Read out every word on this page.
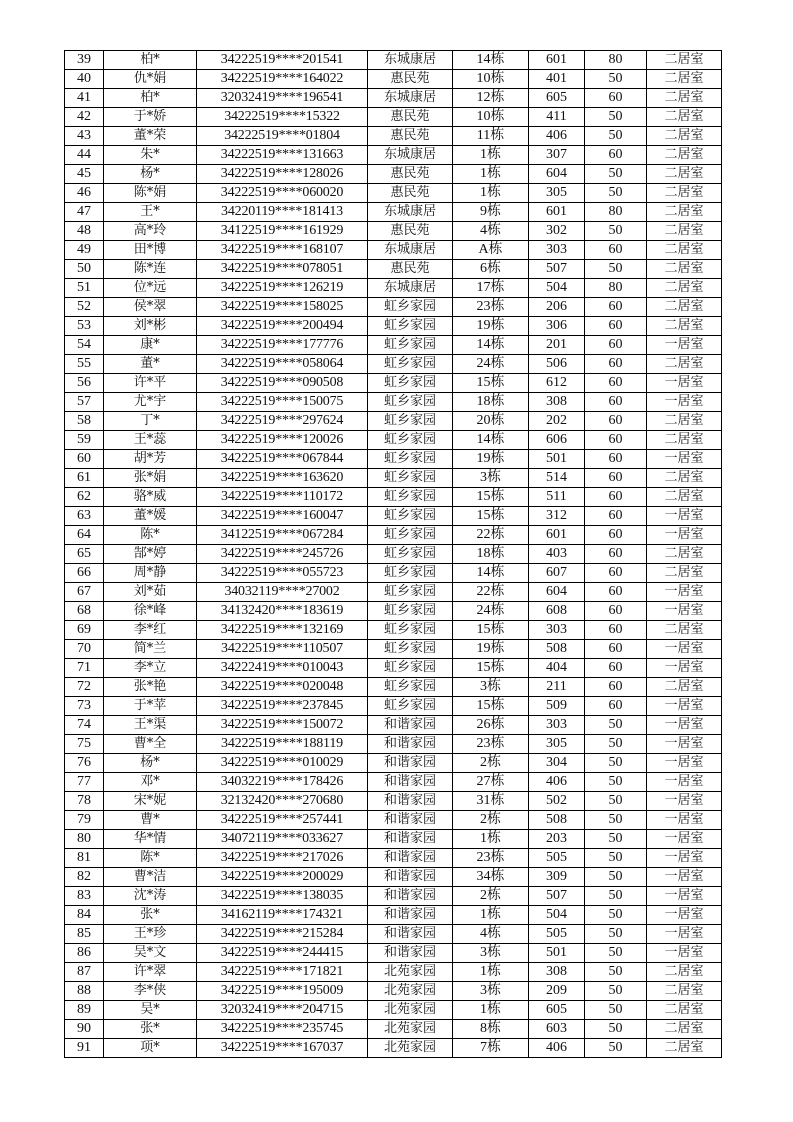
39	柏*	34222519****201541	东城康居	14栋	601	80	二居室
40	仇*娟	34222519****164022	惠民苑	10栋	401	50	二居室
41	柏*	32032419****196541	东城康居	12栋	605	60	二居室
42	于*娇	34222519****15322	惠民苑	10栋	411	50	二居室
43	董*荣	34222519****01804	惠民苑	11栋	406	50	二居室
44	朱*	34222519****131663	东城康居	1栋	307	60	二居室
45	杨*	34222519****128026	惠民苑	1栋	604	50	二居室
46	陈*娟	34222519****060020	惠民苑	1栋	305	50	二居室
47	王*	34220119****181413	东城康居	9栋	601	80	二居室
48	高*玲	34122519****161929	惠民苑	4栋	302	50	二居室
49	田*博	34222519****168107	东城康居	A栋	303	60	二居室
50	陈*连	34222519****078051	惠民苑	6栋	507	50	二居室
51	位*远	34222519****126219	东城康居	17栋	504	80	二居室
52	侯*翠	34222519****158025	虹乡家园	23栋	206	60	二居室
53	刘*彬	34222519****200494	虹乡家园	19栋	306	60	二居室
54	康*	34222519****177776	虹乡家园	14栋	201	60	一居室
55	董*	34222519****058064	虹乡家园	24栋	506	60	二居室
56	许*平	34222519****090508	虹乡家园	15栋	612	60	一居室
57	尤*宇	34222519****150075	虹乡家园	18栋	308	60	一居室
58	丁*	34222519****297624	虹乡家园	20栋	202	60	二居室
59	王*蕊	34222519****120026	虹乡家园	14栋	606	60	二居室
60	胡*芳	34222519****067844	虹乡家园	19栋	501	60	一居室
61	张*娟	34222519****163620	虹乡家园	3栋	514	60	二居室
62	骆*威	34222519****110172	虹乡家园	15栋	511	60	二居室
63	董*媛	34222519****160047	虹乡家园	15栋	312	60	一居室
64	陈*	34122519****067284	虹乡家园	22栋	601	60	一居室
65	郜*婷	34222519****245726	虹乡家园	18栋	403	60	二居室
66	周*静	34222519****055723	虹乡家园	14栋	607	60	二居室
67	刘*茹	34032119****27002	虹乡家园	22栋	604	60	一居室
68	徐*峰	34132420****183619	虹乡家园	24栋	608	60	一居室
69	李*红	34222519****132169	虹乡家园	15栋	303	60	二居室
70	简*兰	34222519****110507	虹乡家园	19栋	508	60	一居室
71	李*立	34222419****010043	虹乡家园	15栋	404	60	一居室
72	张*艳	34222519****020048	虹乡家园	3栋	211	60	二居室
73	于*苹	34222519****237845	虹乡家园	15栋	509	60	一居室
74	王*渠	34222519****150072	和谐家园	26栋	303	50	一居室
75	曹*全	34222519****188119	和谐家园	23栋	305	50	一居室
76	杨*	34222519****010029	和谐家园	2栋	304	50	一居室
77	邓*	34032219****178426	和谐家园	27栋	406	50	一居室
78	宋*妮	32132420****270680	和谐家园	31栋	502	50	一居室
79	曹*	34222519****257441	和谐家园	2栋	508	50	一居室
80	华*情	34072119****033627	和谐家园	1栋	203	50	一居室
81	陈*	34222519****217026	和谐家园	23栋	505	50	一居室
82	曹*洁	34222519****200029	和谐家园	34栋	309	50	一居室
83	沈*涛	34222519****138035	和谐家园	2栋	507	50	一居室
84	张*	34162119****174321	和谐家园	1栋	504	50	一居室
85	王*珍	34222519****215284	和谐家园	4栋	505	50	一居室
86	吴*文	34222519****244415	和谐家园	3栋	501	50	一居室
87	许*翠	34222519****171821	北苑家园	1栋	308	50	二居室
88	李*侠	34222519****195009	北苑家园	3栋	209	50	二居室
89	吴*	32032419****204715	北苑家园	1栋	605	50	二居室
90	张*	34222519****235745	北苑家园	8栋	603	50	二居室
91	项*	34222519****167037	北苑家园	7栋	406	50	二居室
